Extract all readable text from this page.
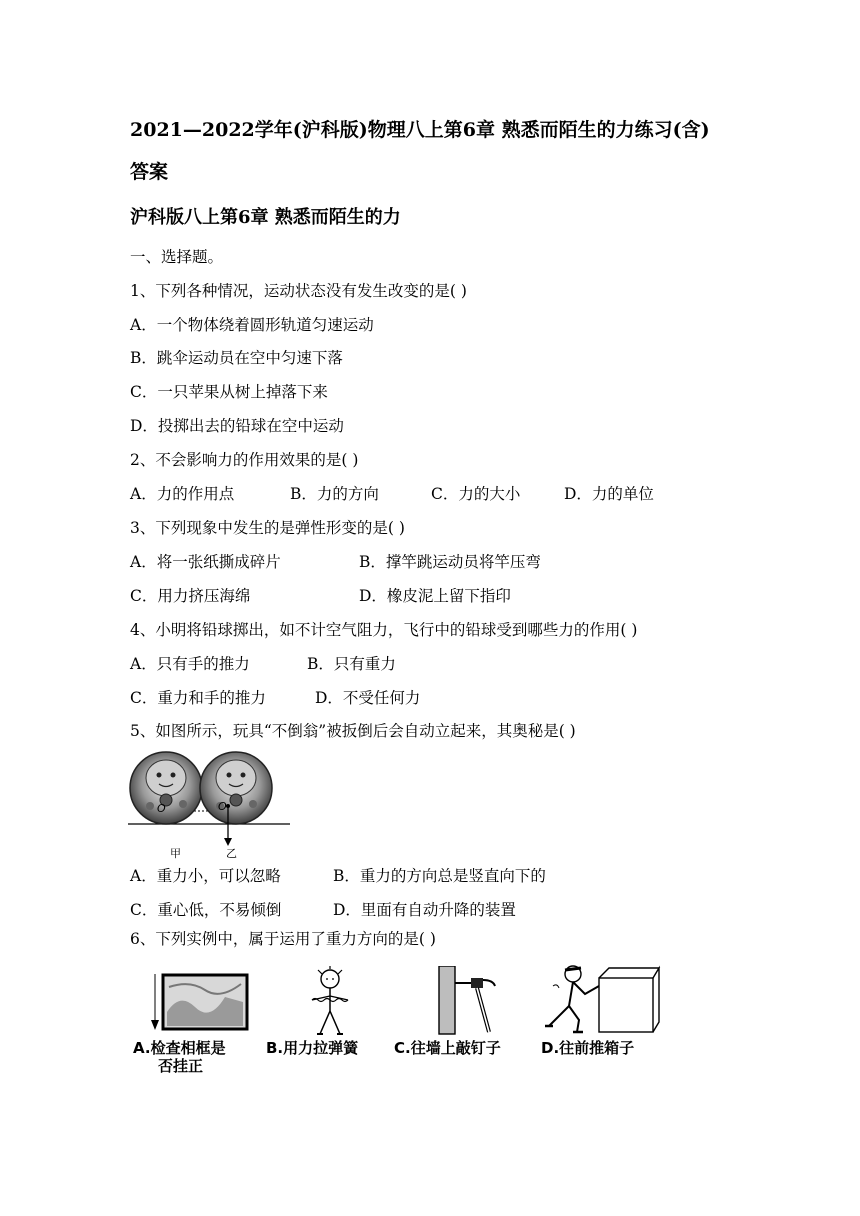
2021—2022学年(沪科版)物理八上第6章 熟悉而陌生的力练习(含)
答案
沪科版八上第6章 熟悉而陌生的力
一、选择题。
1、下列各种情况，运动状态没有发生改变的是( )
A．一个物体绕着圆形轨道匀速运动
B．跳伞运动员在空中匀速下落
C．一只苹果从树上掉落下来
D．投掷出去的铅球在空中运动
2、不会影响力的作用效果的是( )
A．力的作用点	B．力的方向	C．力的大小	D．力的单位
3、下列现象中发生的是弹性形变的是( )
A．将一张纸撕成碎片	B．撑竿跳运动员将竿压弯
C．用力挤压海绵	D．橡皮泥上留下指印
4、小明将铅球掷出，如不计空气阻力，飞行中的铅球受到哪些力的作用( )
A．只有手的推力	B．只有重力
C．重力和手的推力	D．不受任何力
5、如图所示，玩具“不倒翁”被扳倒后会自动立起来，其奥秘是( )
O	O
甲	乙
A．重力小，可以忽略	B．重力的方向总是竖直向下的
C．重心低，不易倾倒	D．里面有自动升降的装置
6、下列实例中，属于运用了重力方向的是( )
A.检查相框是
否挂正
B.用力拉弹簧 C.往墙上敲钉子	D.往前推箱子
